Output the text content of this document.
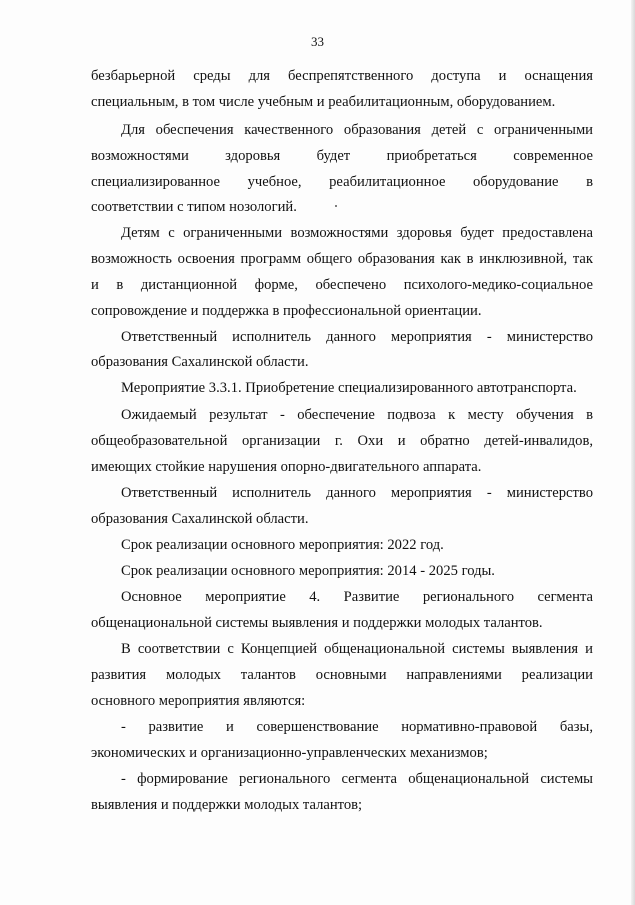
33
безбарьерной среды для беспрепятственного доступа и оснащения
специальным, в том числе учебным и реабилитационным, оборудованием.
Для обеспечения качественного образования детей с ограниченными
возможностями здоровья будет приобретаться современное
специализированное учебное, реабилитационное оборудование в
соответствии с типом нозологий.
Детям с ограниченными возможностями здоровья будет предоставлена
возможность освоения программ общего образования как в инклюзивной, так
и в дистанционной форме, обеспечено психолого-медико-социальное
сопровождение и поддержка в профессиональной ориентации.
Ответственный исполнитель данного мероприятия - министерство
образования Сахалинской области.
Мероприятие 3.3.1. Приобретение специализированного автотранспорта.
Ожидаемый результат - обеспечение подвоза к месту обучения в
общеобразовательной организации г. Охи и обратно детей-инвалидов,
имеющих стойкие нарушения опорно-двигательного аппарата.
Ответственный исполнитель данного мероприятия - министерство
образования Сахалинской области.
Срок реализации основного мероприятия: 2022 год.
Срок реализации основного мероприятия: 2014 - 2025 годы.
Основное мероприятие 4. Развитие регионального сегмента
общенациональной системы выявления и поддержки молодых талантов.
В соответствии с Концепцией общенациональной системы выявления и
развития молодых талантов основными направлениями реализации
основного мероприятия являются:
- развитие и совершенствование нормативно-правовой базы,
экономических и организационно-управленческих механизмов;
- формирование регионального сегмента общенациональной системы
выявления и поддержки молодых талантов;
